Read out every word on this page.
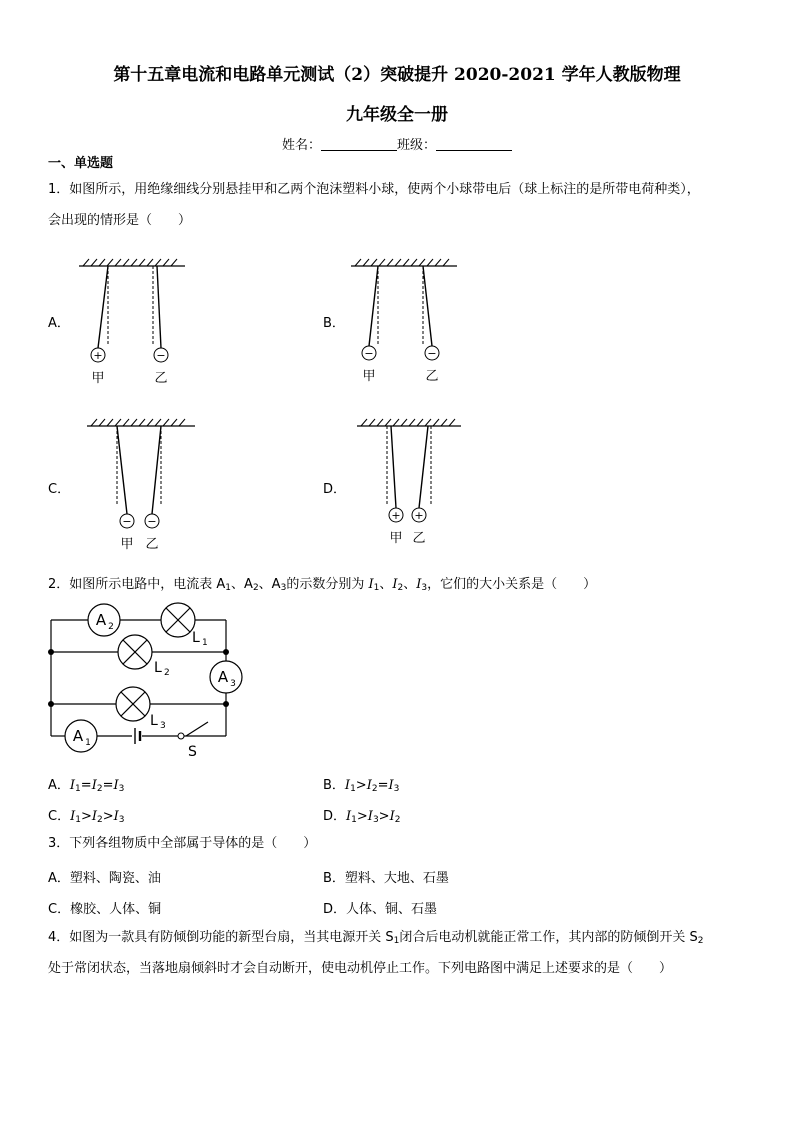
第十五章电流和电路单元测试（2）突破提升 2020-2021 学年人教版物理
九年级全一册
姓名：	班级：
一、单选题
1．如图所示，用绝缘细线分别悬挂甲和乙两个泡沫塑料小球，使两个小球带电后（球上标注的是所带电荷种类），
会出现的情形是（　　）
A．
+	−
甲	乙
B．
−	−
甲	乙
C．
− −
甲 乙
D．
+ +
甲 乙
2．如图所示电路中，电流表 $A_1$、$A_2$、$A_3$的示数分别为 $I_1$、$I_2$、$I_3$，它们的大小关系是（　　）
A 2
L 1
L 2	A 3
L 3
A 1
S
A．$I_1=I_2=I_3$	B．$I_1>I_2=I_3$
C．$I_1>I_2>I_3$	D．$I_1>I_3>I_2$
3．下列各组物质中全部属于导体的是（　　）
A．塑料、陶瓷、油	B．塑料、大地、石墨
C．橡胶、人体、铜	D．人体、铜、石墨
4．如图为一款具有防倾倒功能的新型台扇，当其电源开关 $S_1$闭合后电动机就能正常工作，其内部的防倾倒开关 $S_2$
处于常闭状态，当落地扇倾斜时才会自动断开，使电动机停止工作。下列电路图中满足上述要求的是（　　）
